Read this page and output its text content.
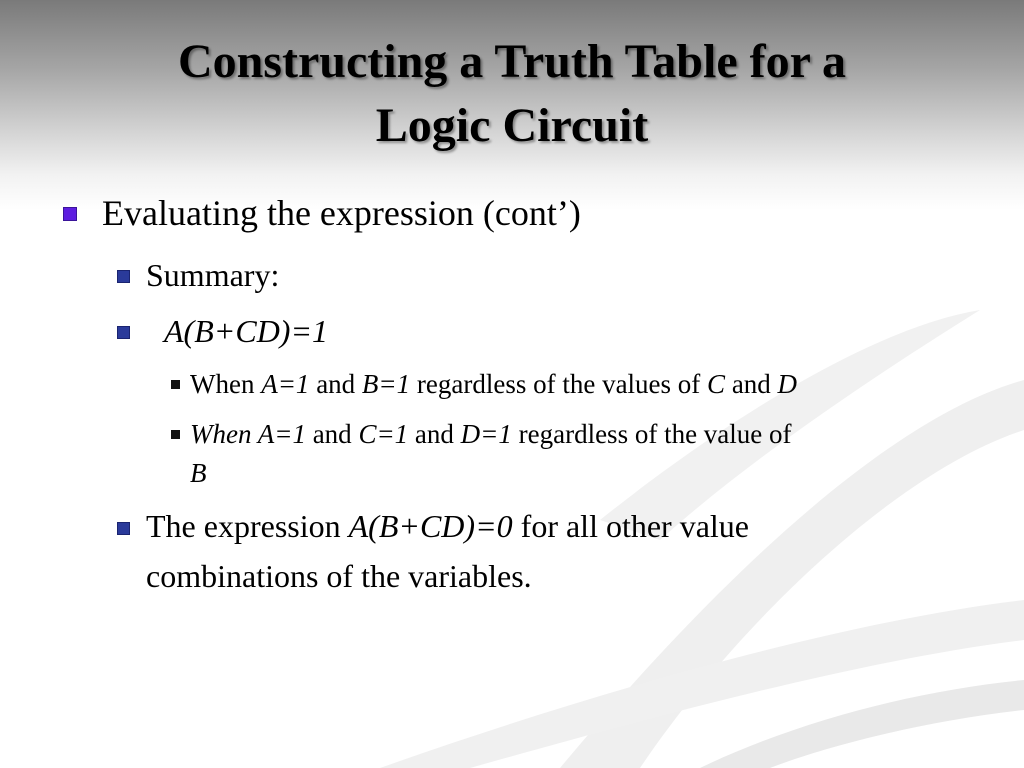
Constructing a Truth Table for a
Logic Circuit
Evaluating the expression (cont’)
Summary:
A(B+CD)=1
When A=1 and B=1 regardless of the values of C and D
When A=1 and C=1 and D=1 regardless of the value of
B
The expression A(B+CD)=0 for all other value
combinations of the variables.
